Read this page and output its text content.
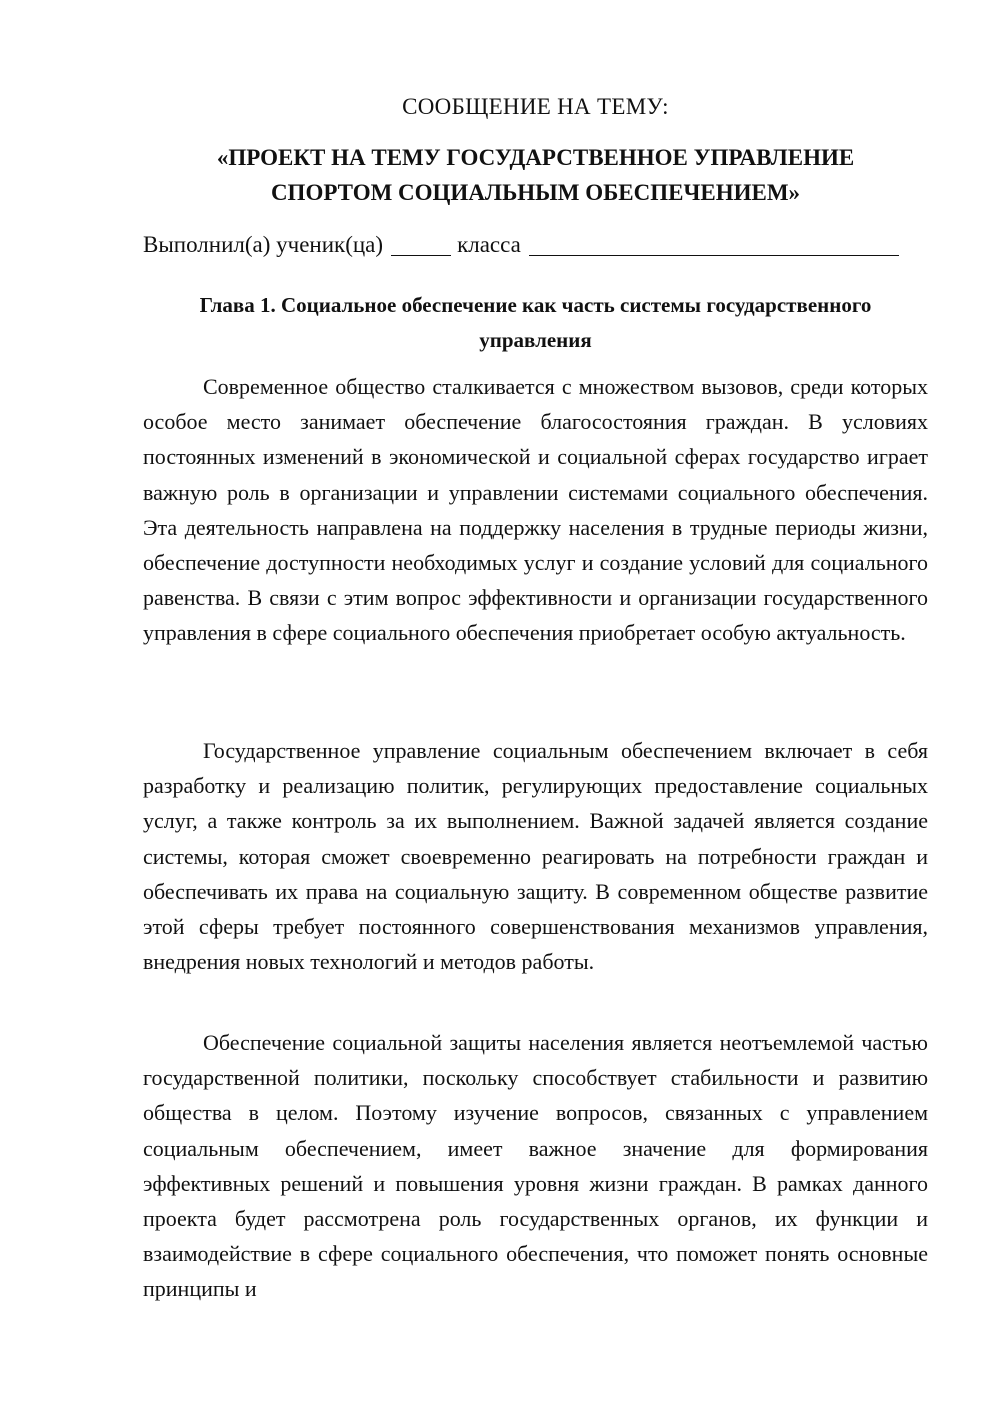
СООБЩЕНИЕ НА ТЕМУ:
«ПРОЕКТ НА ТЕМУ ГОСУДАРСТВЕННОЕ УПРАВЛЕНИЕ
СПОРТОМ СОЦИАЛЬНЫМ ОБЕСПЕЧЕНИЕМ»
Выполнил(а) ученик(ца)	класса
Глава 1. Социальное обеспечение как часть системы государственного
управления

Современное общество сталкивается с множеством вызовов, среди которых особое место занимает обеспечение благосостояния граждан. В условиях постоянных изменений в экономической и социальной сферах государство играет важную роль в организации и управлении системами социального обеспечения. Эта деятельность направлена на поддержку населения в трудные периоды жизни, обеспечение доступности необходимых услуг и создание условий для социального равенства. В связи с этим вопрос эффективности и организации государственного управления в сфере социального обеспечения приобретает особую актуальность.

Государственное управление социальным обеспечением включает в себя разработку и реализацию политик, регулирующих предоставление социальных услуг, а также контроль за их выполнением. Важной задачей является создание системы, которая сможет своевременно реагировать на потребности граждан и обеспечивать их права на социальную защиту. В современном обществе развитие этой сферы требует постоянного совершенствования механизмов управления, внедрения новых технологий и методов работы.

Обеспечение социальной защиты населения является неотъемлемой частью государственной политики, поскольку способствует стабильности и развитию общества в целом. Поэтому изучение вопросов, связанных с управлением социальным обеспечением, имеет важное значение для формирования эффективных решений и повышения уровня жизни граждан. В рамках данного проекта будет рассмотрена роль государственных органов, их функции и взаимодействие в сфере социального обеспечения, что поможет понять основные принципы и
